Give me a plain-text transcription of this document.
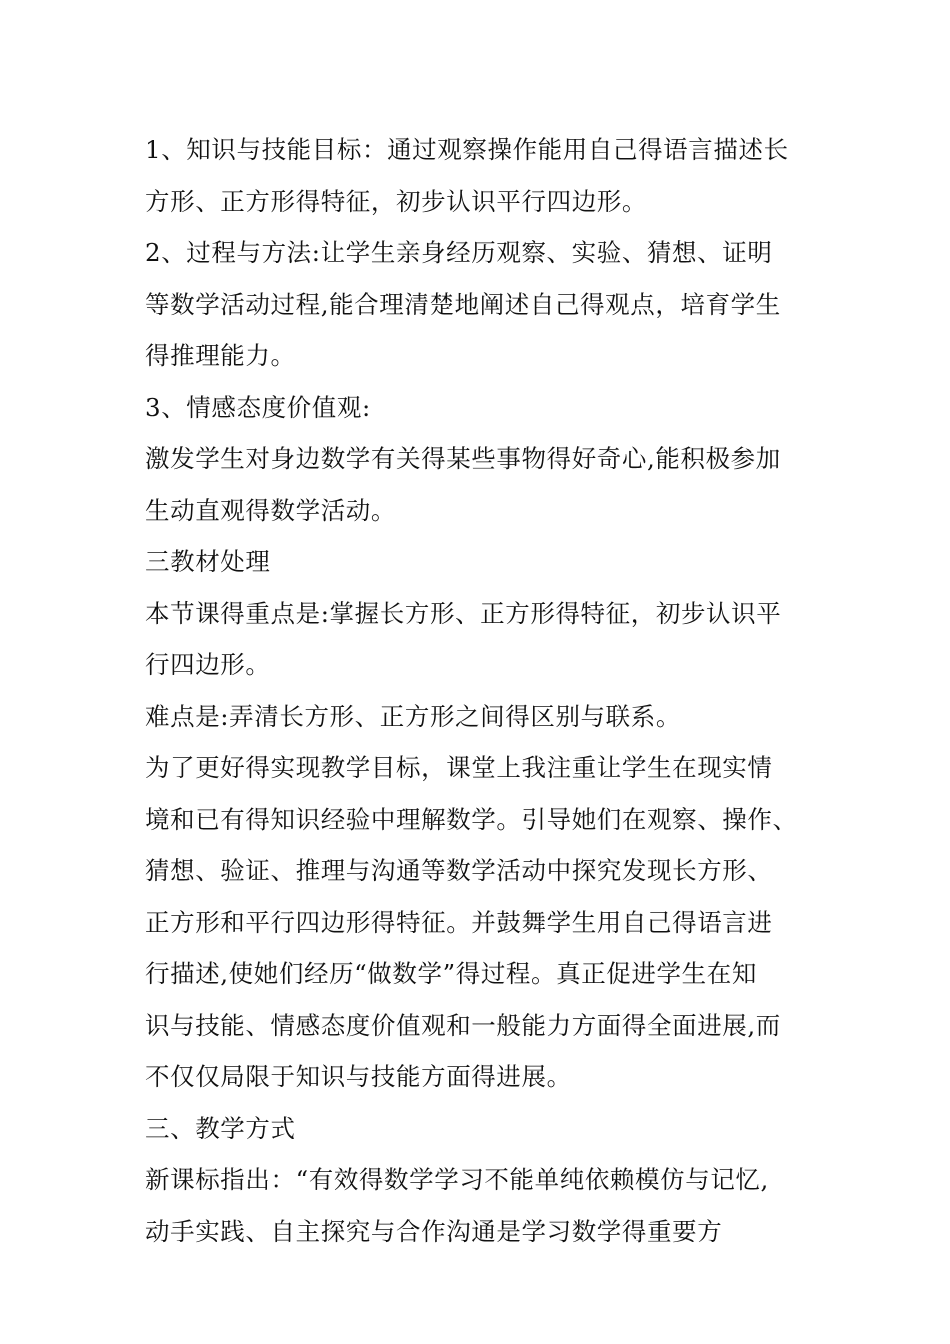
1、知识与技能目标：通过观察操作能用自己得语言描述长
方形、正方形得特征，初步认识平行四边形。
2、过程与方法:让学生亲身经历观察、实验、猜想、证明
等数学活动过程,能合理清楚地阐述自己得观点，培育学生
得推理能力。
3、情感态度价值观:
激发学生对身边数学有关得某些事物得好奇心,能积极参加
生动直观得数学活动。
三教材处理
本节课得重点是:掌握长方形、正方形得特征，初步认识平
行四边形。
难点是:弄清长方形、正方形之间得区别与联系。
为了更好得实现教学目标，课堂上我注重让学生在现实情
境和已有得知识经验中理解数学。引导她们在观察、操作、
猜想、验证、推理与沟通等数学活动中探究发现长方形、
正方形和平行四边形得特征。并鼓舞学生用自己得语言进
行描述,使她们经历“做数学”得过程。真正促进学生在知
识与技能、情感态度价值观和一般能力方面得全面进展,而
不仅仅局限于知识与技能方面得进展。
三、教学方式
新课标指出：“有效得数学学习不能单纯依赖模仿与记忆,
动手实践、自主探究与合作沟通是学习数学得重要方
